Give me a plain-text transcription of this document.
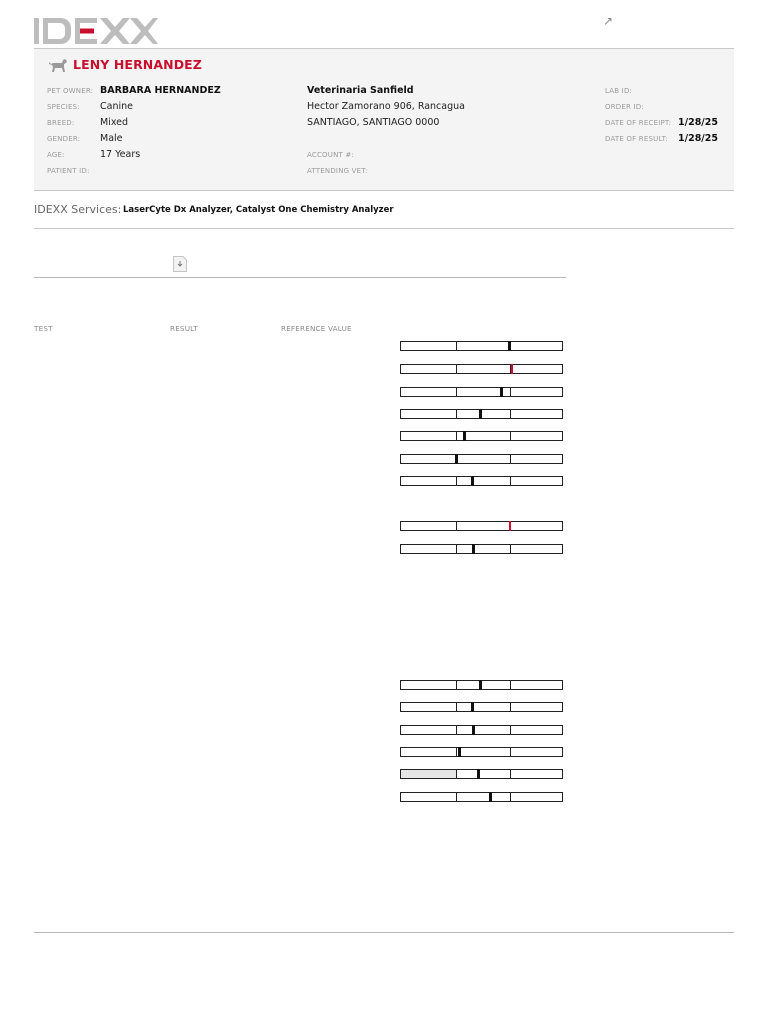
↗
LENY HERNANDEZ
PET OWNER: BARBARA HERNANDEZ
SPECIES: Canine
BREED:	Mixed
GENDER: Male
AGE:	17 Years
PATIENT ID:
Veterinaria Sanfield
Hector Zamorano 906, Rancagua
SANTIAGO, SANTIAGO 0000
ACCOUNT #:
ATTENDING VET:
LAB ID:
ORDER ID:
DATE OF RECEIPT: 1/28/25
DATE OF RESULT: 1/28/25
IDEXX Services: LaserCyte Dx Analyzer, Catalyst One Chemistry Analyzer
TEST	RESULT	REFERENCE VALUE
